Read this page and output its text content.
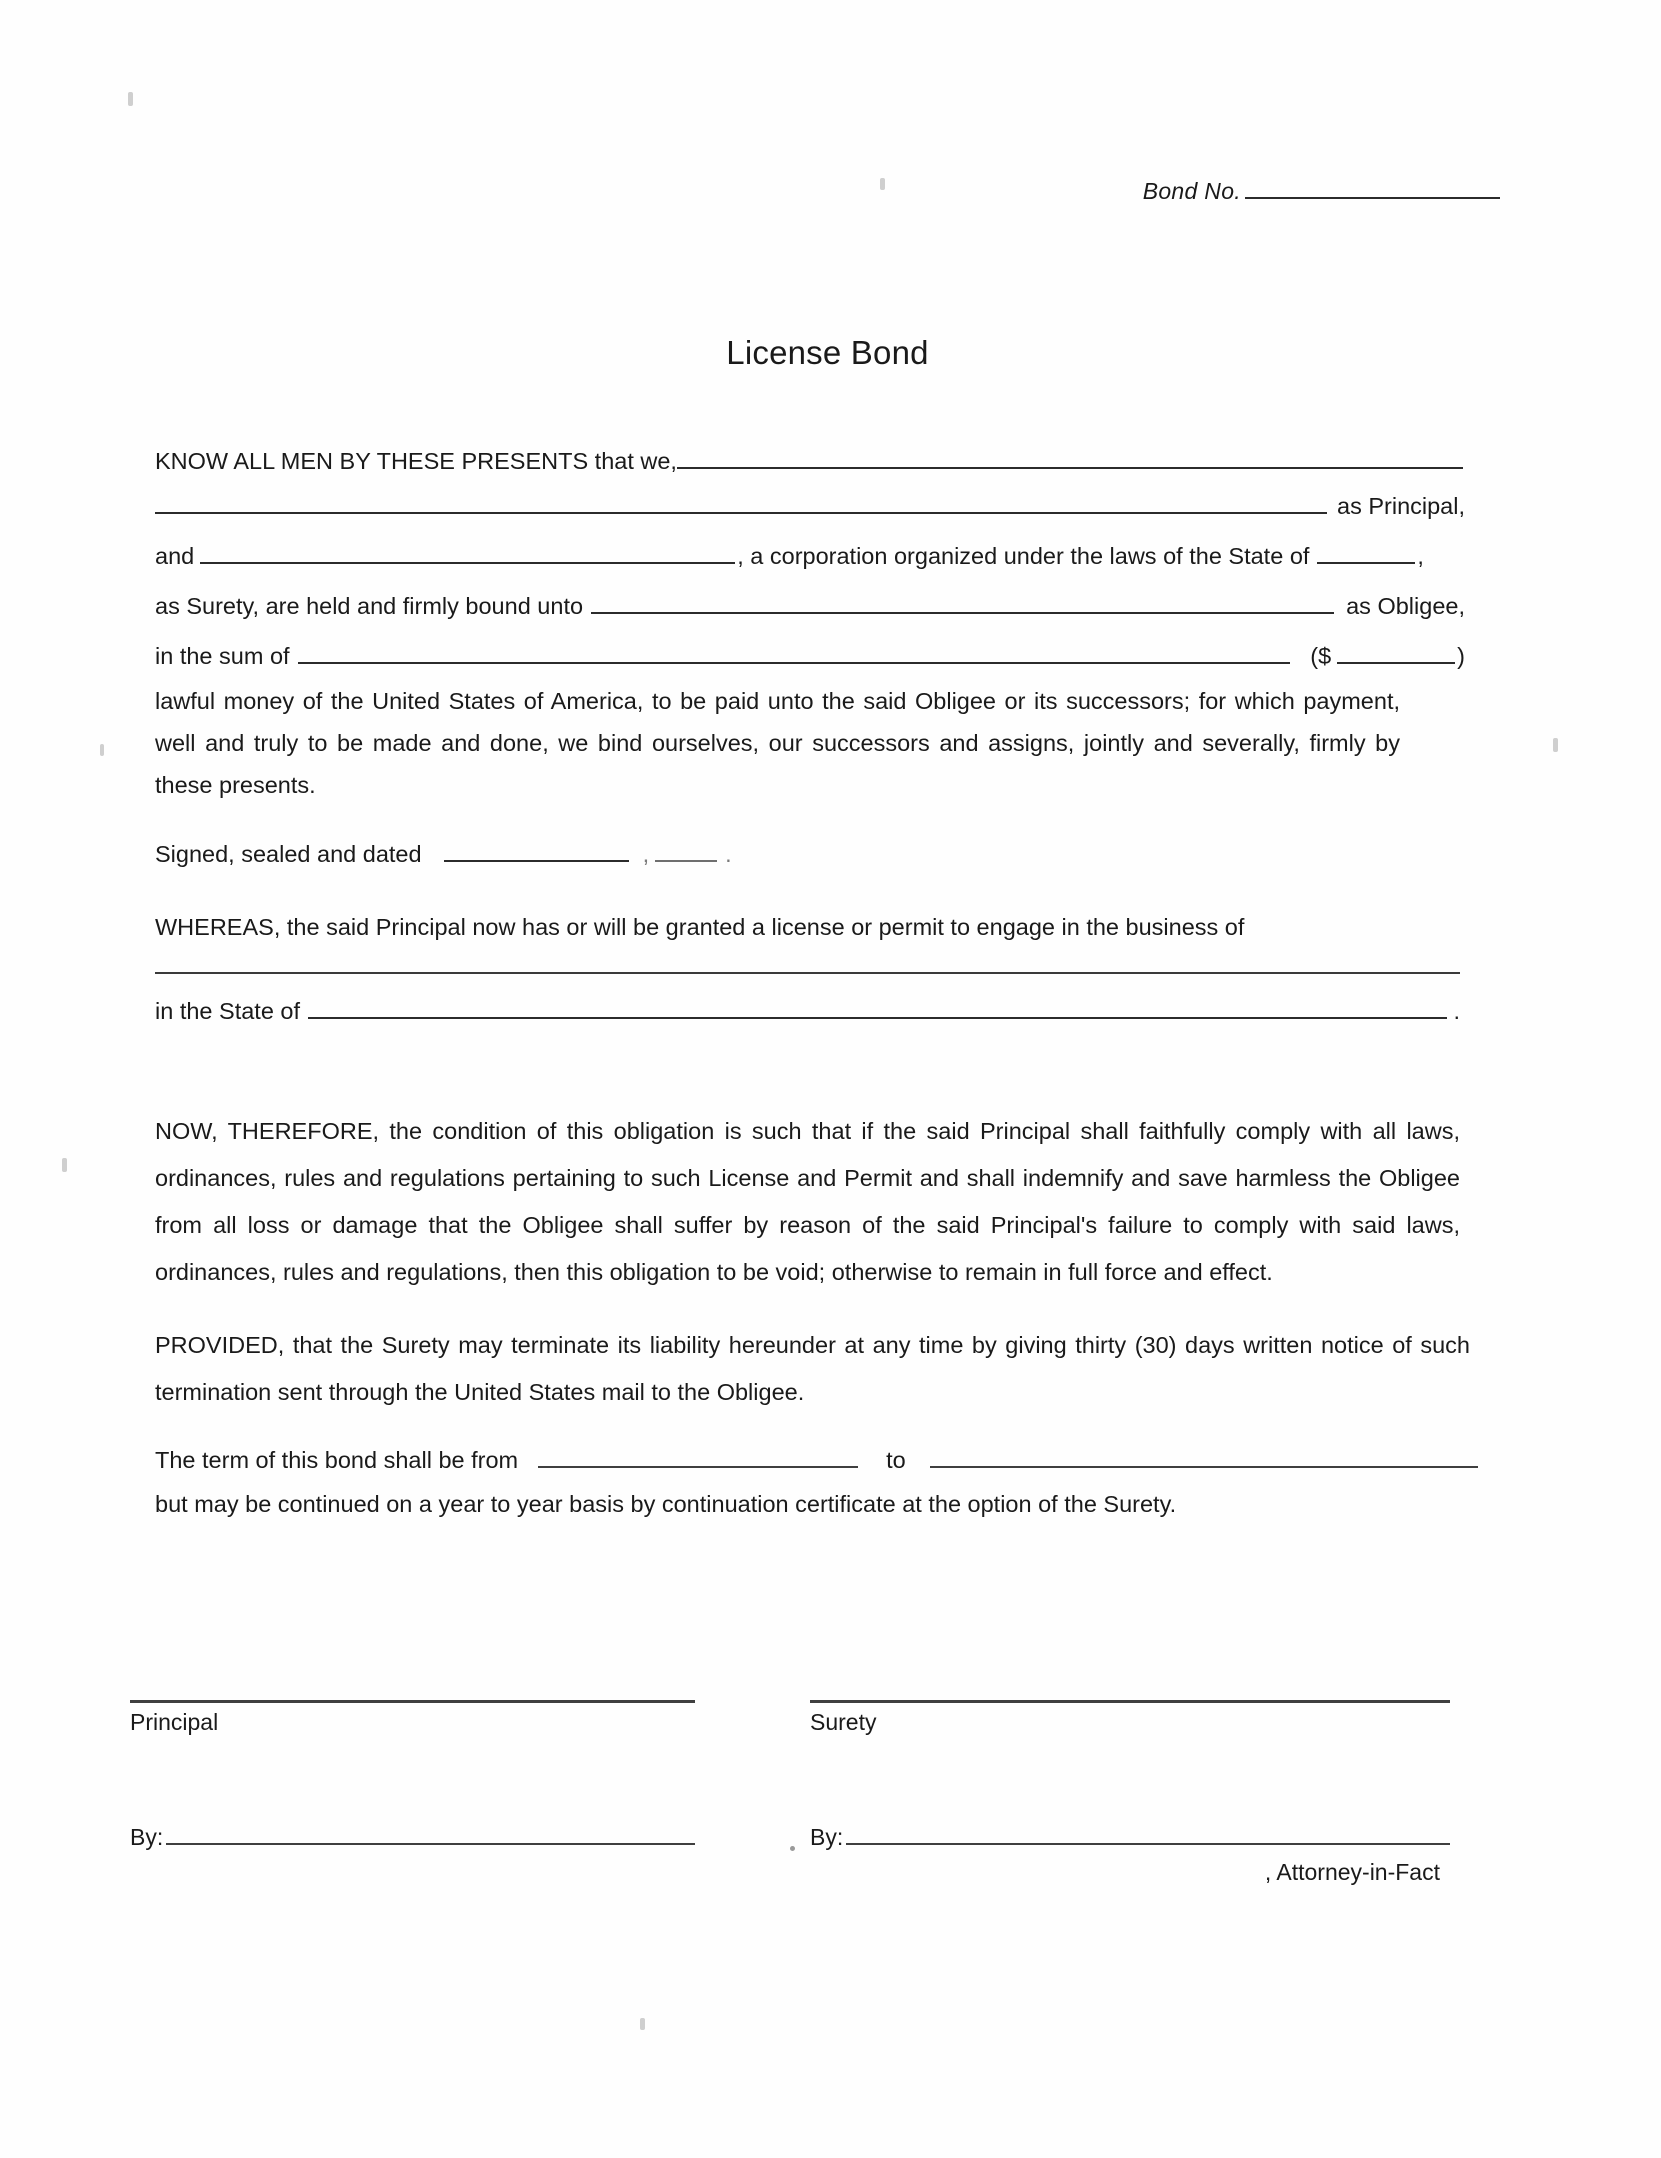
Bond No.
License Bond
KNOW ALL MEN BY THESE PRESENTS that we,
as Principal,
and	, a corporation organized under the laws of the State of	,
as Surety, are held and firmly bound unto	as Obligee,
in the sum of	($	)
lawful money of the United States of America, to be paid unto the said Obligee or its successors; for which payment, well and truly to be made and done, we bind ourselves, our successors and assigns, jointly and severally, firmly by these presents.
Signed, sealed and dated	,	.
WHEREAS, the said Principal now has or will be granted a license or permit to engage in the business of
in the State of	.
NOW, THEREFORE, the condition of this obligation is such that if the said Principal shall faithfully comply with all laws, ordinances, rules and regulations pertaining to such License and Permit and shall indemnify and save harmless the Obligee from all loss or damage that the Obligee shall suffer by reason of the said Principal's failure to comply with said laws, ordinances, rules and regulations, then this obligation to be void; otherwise to remain in full force and effect.
PROVIDED, that the Surety may terminate its liability hereunder at any time by giving thirty (30) days written notice of such termination sent through the United States mail to the Obligee.
The term of this bond shall be from	to
but may be continued on a year to year basis by continuation certificate at the option of the Surety.
Principal	Surety
By:	By:
, Attorney-in-Fact
